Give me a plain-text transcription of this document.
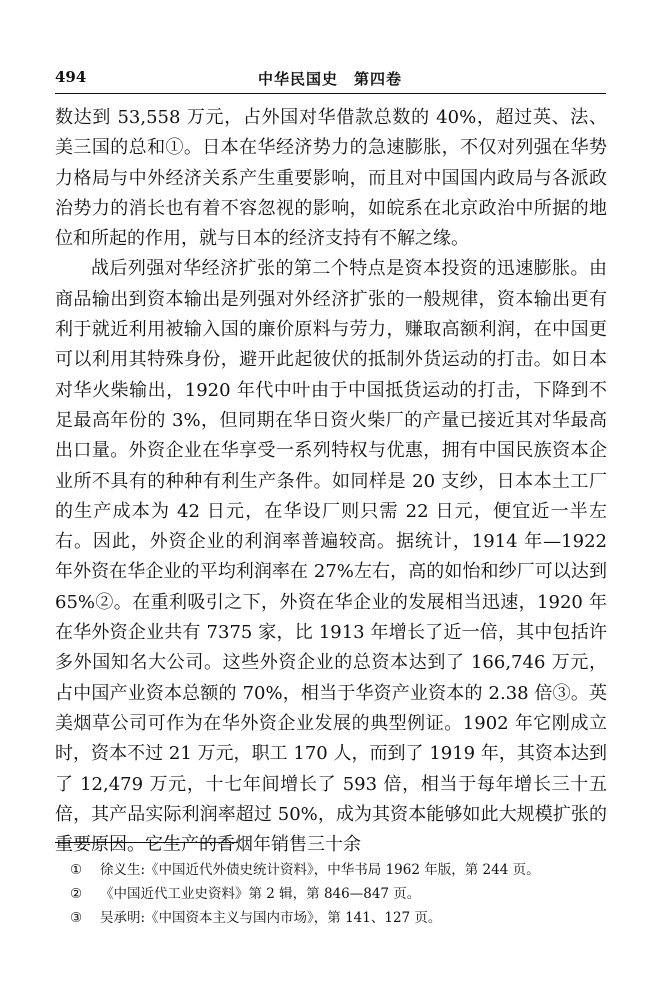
494	中华民国史　第四卷

数达到 53,558 万元，占外国对华借款总数的 40%，超过英、法、美三国的总和①。日本在华经济势力的急速膨胀，不仅对列强在华势力格局与中外经济关系产生重要影响，而且对中国国内政局与各派政治势力的消长也有着不容忽视的影响，如皖系在北京政治中所据的地位和所起的作用，就与日本的经济支持有不解之缘。

战后列强对华经济扩张的第二个特点是资本投资的迅速膨胀。由商品输出到资本输出是列强对外经济扩张的一般规律，资本输出更有利于就近利用被输入国的廉价原料与劳力，赚取高额利润，在中国更可以利用其特殊身份，避开此起彼伏的抵制外货运动的打击。如日本对华火柴输出，1920 年代中叶由于中国抵货运动的打击，下降到不足最高年份的 3%，但同期在华日资火柴厂的产量已接近其对华最高出口量。外资企业在华享受一系列特权与优惠，拥有中国民族资本企业所不具有的种种有利生产条件。如同样是 20 支纱，日本本土工厂的生产成本为 42 日元，在华设厂则只需 22 日元，便宜近一半左右。因此，外资企业的利润率普遍较高。据统计，1914 年—1922 年外资在华企业的平均利润率在 27%左右，高的如怡和纱厂可以达到 65%②。在重利吸引之下，外资在华企业的发展相当迅速，1920 年在华外资企业共有 7375 家，比 1913 年增长了近一倍，其中包括许多外国知名大公司。这些外资企业的总资本达到了 166,746 万元，占中国产业资本总额的 70%，相当于华资产业资本的 2.38 倍③。英美烟草公司可作为在华外资企业发展的典型例证。1902 年它刚成立时，资本不过 21 万元，职工 170 人，而到了 1919 年，其资本达到了 12,479 万元，十七年间增长了 593 倍，相当于每年增长三十五倍，其产品实际利润率超过 50%，成为其资本能够如此大规模扩张的重要原因。它生产的香烟年销售三十余

①	徐义生:《中国近代外债史统计资料》，中华书局 1962 年版，第 244 页。
②	《中国近代工业史资料》第 2 辑，第 846—847 页。
③	吴承明:《中国资本主义与国内市场》，第 141、127 页。
